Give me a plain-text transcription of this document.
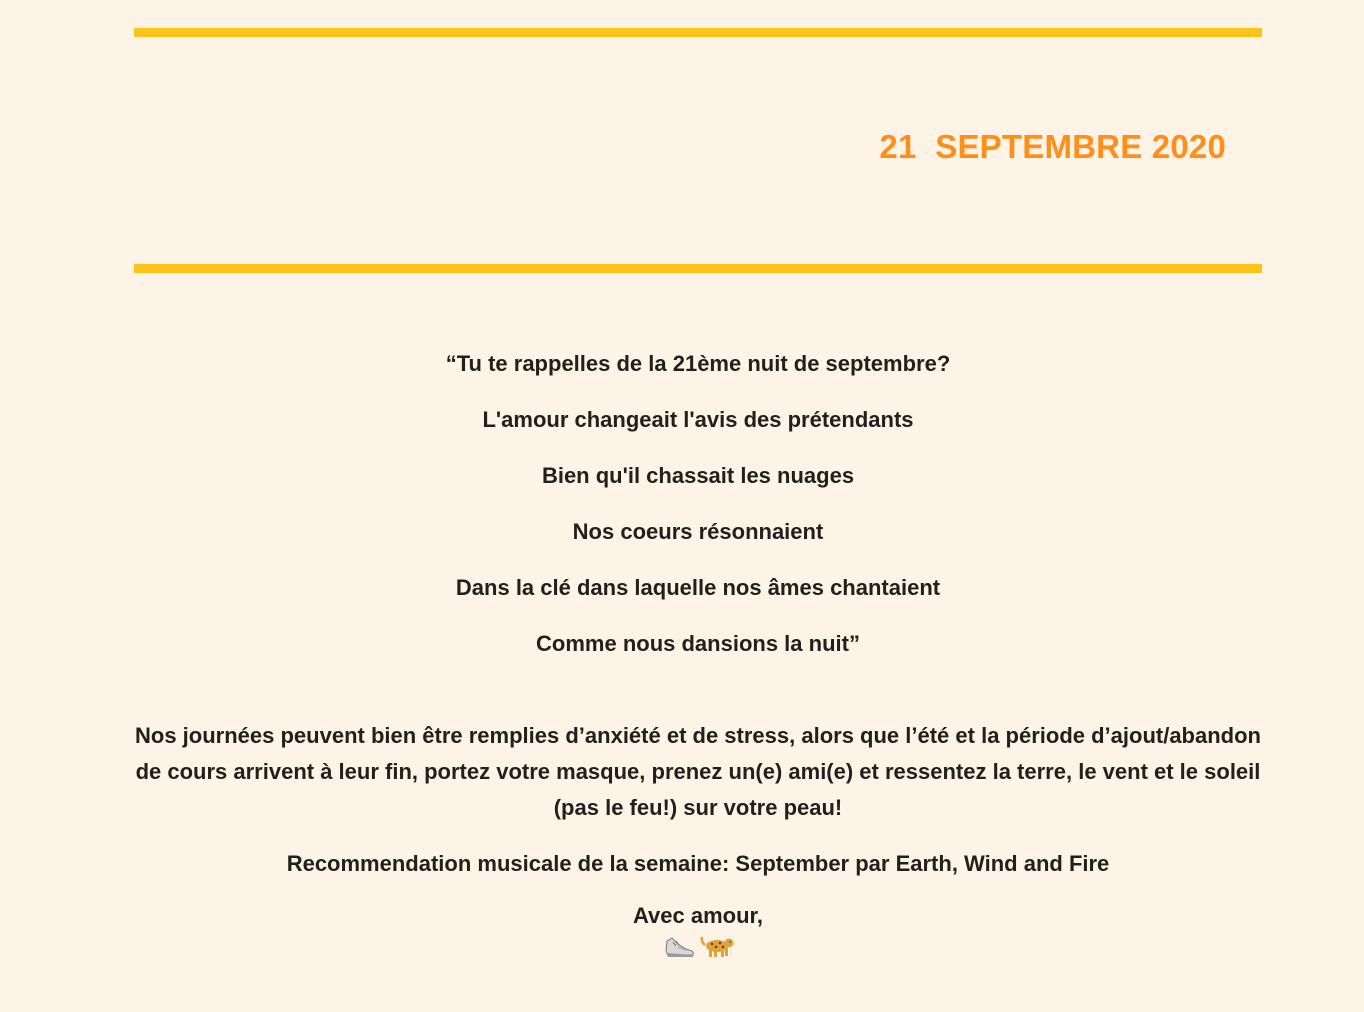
21  SEPTEMBRE 2020

“Tu te rappelles de la 21ème nuit de septembre?

L'amour changeait l'avis des prétendants

Bien qu'il chassait les nuages

Nos coeurs résonnaient

Dans la clé dans laquelle nos âmes chantaient

Comme nous dansions la nuit”

Nos journées peuvent bien être remplies d’anxiété et de stress, alors que l’été et la période d’ajout/abandon de cours arrivent à leur fin, portez votre masque, prenez un(e) ami(e) et ressentez la terre, le vent et le soleil (pas le feu!) sur votre peau!

Recommendation musicale de la semaine: September par Earth, Wind and Fire

Avec amour,
